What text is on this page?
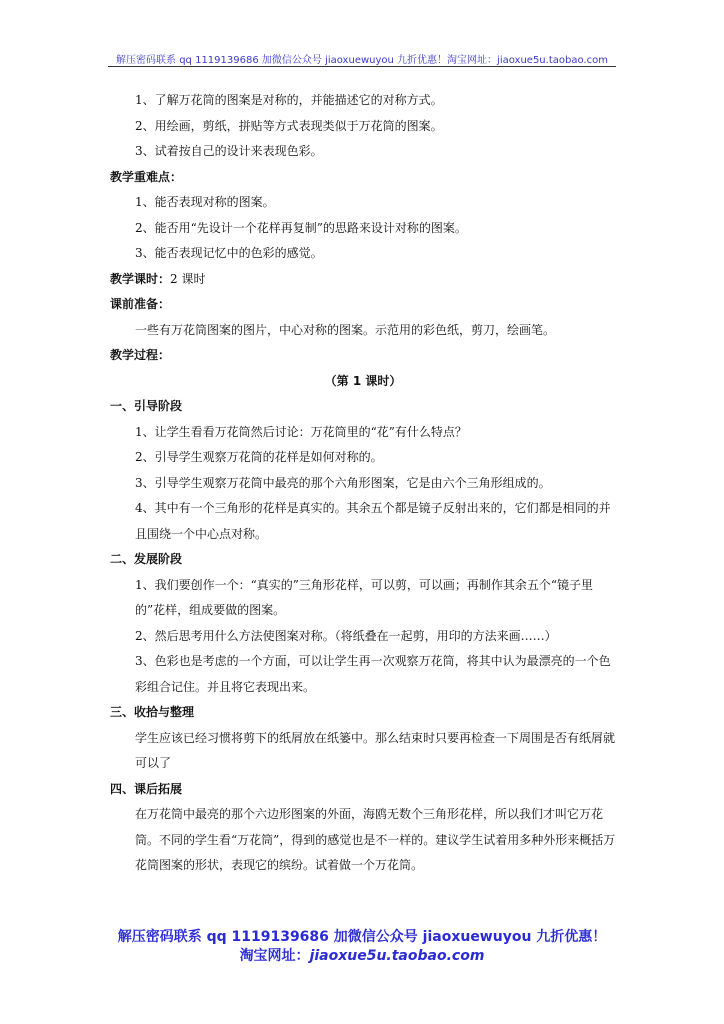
解压密码联系 qq 1119139686 加微信公众号 jiaoxuewuyou 九折优惠！淘宝网址：jiaoxue5u.taobao.com

1、了解万花筒的图案是对称的，并能描述它的对称方式。

2、用绘画，剪纸，拼贴等方式表现类似于万花筒的图案。

3、试着按自己的设计来表现色彩。

教学重难点：

1、能否表现对称的图案。

2、能否用“先设计一个花样再复制”的思路来设计对称的图案。

3、能否表现记忆中的色彩的感觉。

教学课时：2 课时

课前准备：

一些有万花筒图案的图片，中心对称的图案。示范用的彩色纸，剪刀，绘画笔。

教学过程：

（第 1 课时）

一、引导阶段

1、让学生看看万花筒然后讨论：万花筒里的“花”有什么特点？

2、引导学生观察万花筒的花样是如何对称的。

3、引导学生观察万花筒中最亮的那个六角形图案，它是由六个三角形组成的。

4、其中有一个三角形的花样是真实的。其余五个都是镜子反射出来的，它们都是相同的并且围绕一个中心点对称。

二、发展阶段

1、我们要创作一个：“真实的”三角形花样，可以剪，可以画；再制作其余五个“镜子里的”花样，组成要做的图案。

2、然后思考用什么方法使图案对称。（将纸叠在一起剪，用印的方法来画……）

3、色彩也是考虑的一个方面，可以让学生再一次观察万花筒，将其中认为最漂亮的一个色彩组合记住。并且将它表现出来。

三、收拾与整理

学生应该已经习惯将剪下的纸屑放在纸篓中。那么结束时只要再检查一下周围是否有纸屑就可以了

四、课后拓展

在万花筒中最亮的那个六边形图案的外面，海鸥无数个三角形花样，所以我们才叫它万花筒。不同的学生看“万花筒”，得到的感觉也是不一样的。建议学生试着用多种外形来概括万花筒图案的形状，表现它的缤纷。试着做一个万花筒。

解压密码联系 qq 1119139686 加微信公众号 jiaoxuewuyou 九折优惠！
淘宝网址：jiaoxue5u.taobao.com
